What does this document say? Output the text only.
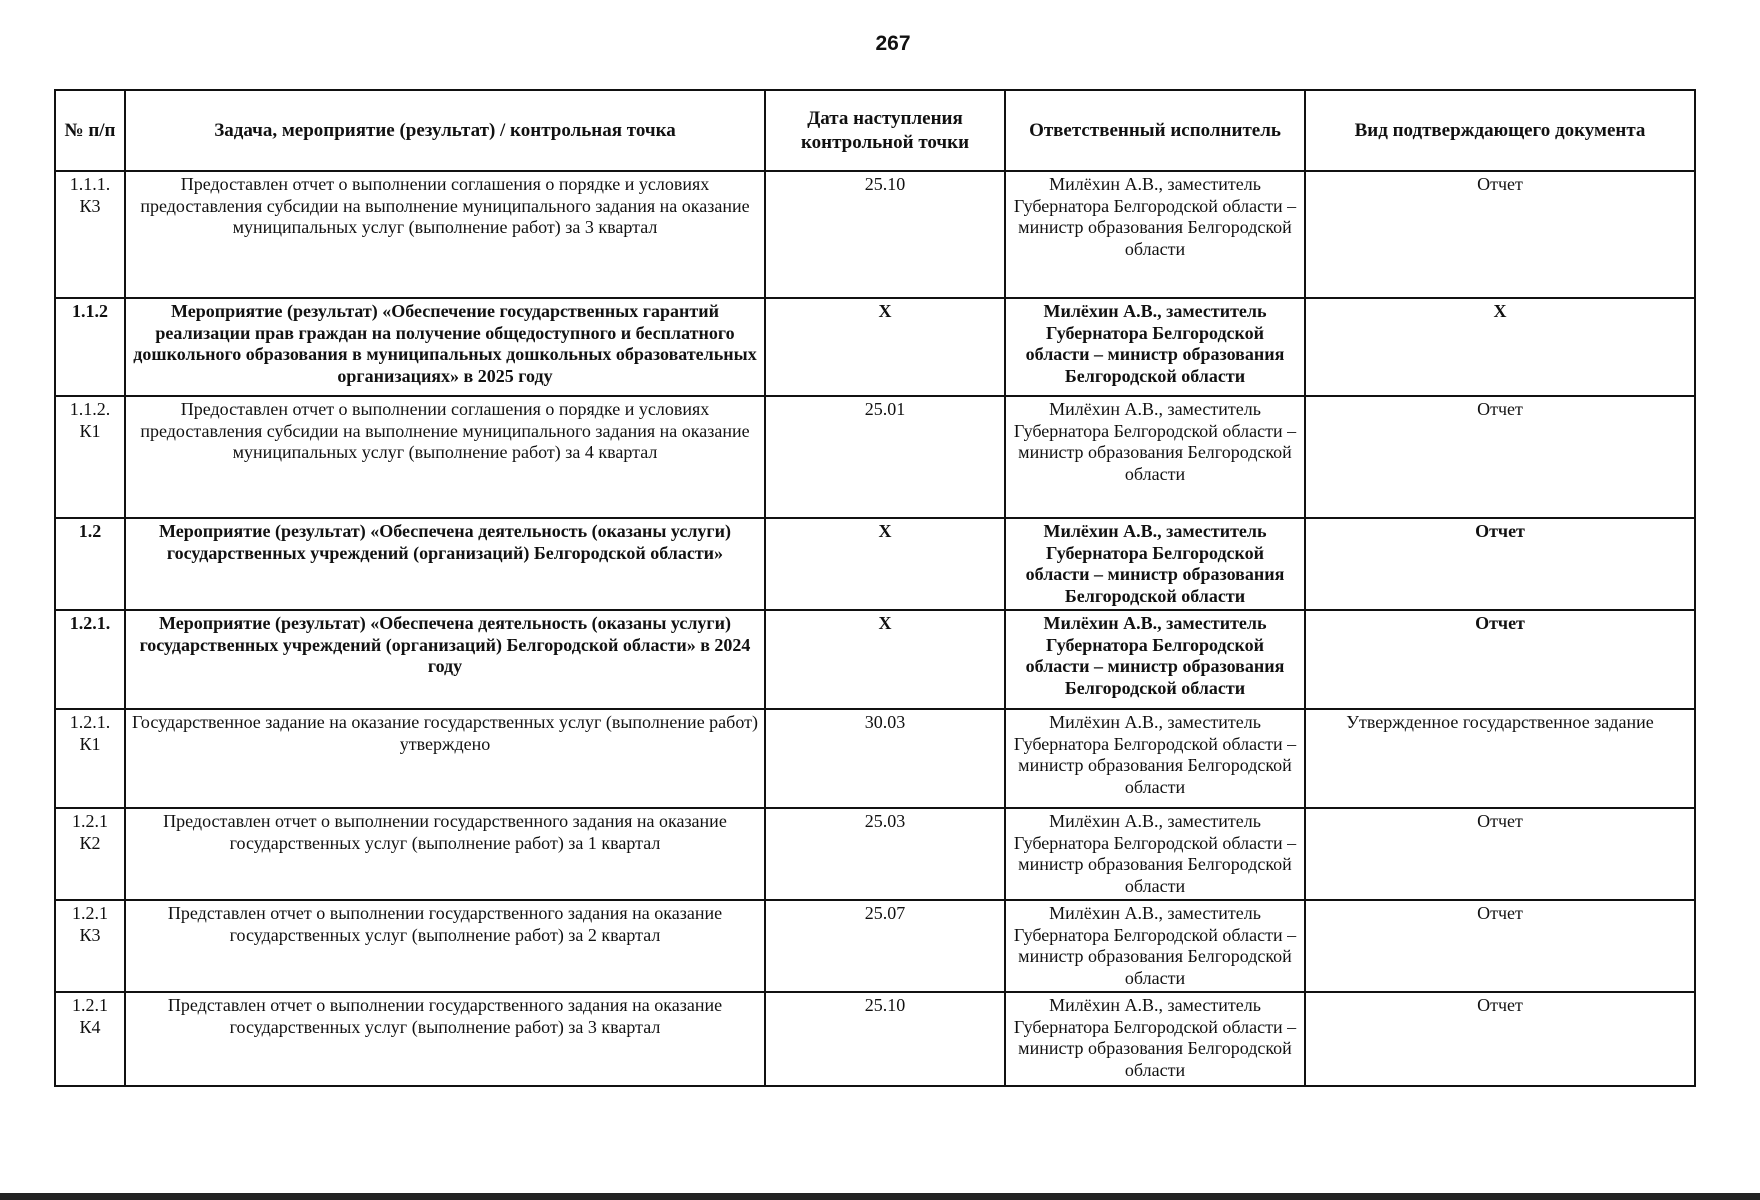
267
№ п/п	Задача, мероприятие (результат) / контрольная точка	Дата наступления контрольной точки	Ответственный исполнитель	Вид подтверждающего документа
1.1.1. К3	Предоставлен отчет о выполнении соглашения о порядке и условиях предоставления субсидии на выполнение муниципального задания на оказание муниципальных услуг (выполнение работ) за 3 квартал	25.10	Милёхин А.В., заместитель Губернатора Белгородской области – министр образования Белгородской области	Отчет
1.1.2	Мероприятие (результат) «Обеспечение государственных гарантий реализации прав граждан на получение общедоступного и бесплатного дошкольного образования в муниципальных дошкольных образовательных организациях» в 2025 году	Х	Милёхин А.В., заместитель Губернатора Белгородской области – министр образования Белгородской области	Х
1.1.2. К1	Предоставлен отчет о выполнении соглашения о порядке и условиях предоставления субсидии на выполнение муниципального задания на оказание муниципальных услуг (выполнение работ) за 4 квартал	25.01	Милёхин А.В., заместитель Губернатора Белгородской области – министр образования Белгородской области	Отчет
1.2	Мероприятие (результат) «Обеспечена деятельность (оказаны услуги) государственных учреждений (организаций) Белгородской области»	Х	Милёхин А.В., заместитель Губернатора Белгородской области – министр образования Белгородской области	Отчет
1.2.1.	Мероприятие (результат) «Обеспечена деятельность (оказаны услуги) государственных учреждений (организаций) Белгородской области» в 2024 году	Х	Милёхин А.В., заместитель Губернатора Белгородской области – министр образования Белгородской области	Отчет
1.2.1. К1	Государственное задание на оказание государственных услуг (выполнение работ) утверждено	30.03	Милёхин А.В., заместитель Губернатора Белгородской области – министр образования Белгородской области	Утвержденное государственное задание
1.2.1 К2	Предоставлен отчет о выполнении государственного задания на оказание государственных услуг (выполнение работ) за 1 квартал	25.03	Милёхин А.В., заместитель Губернатора Белгородской области – министр образования Белгородской области	Отчет
1.2.1 К3	Представлен отчет о выполнении государственного задания на оказание государственных услуг (выполнение работ) за 2 квартал	25.07	Милёхин А.В., заместитель Губернатора Белгородской области – министр образования Белгородской области	Отчет
1.2.1 К4	Представлен отчет о выполнении государственного задания на оказание государственных услуг (выполнение работ) за 3 квартал	25.10	Милёхин А.В., заместитель Губернатора Белгородской области – министр образования Белгородской области	Отчет
